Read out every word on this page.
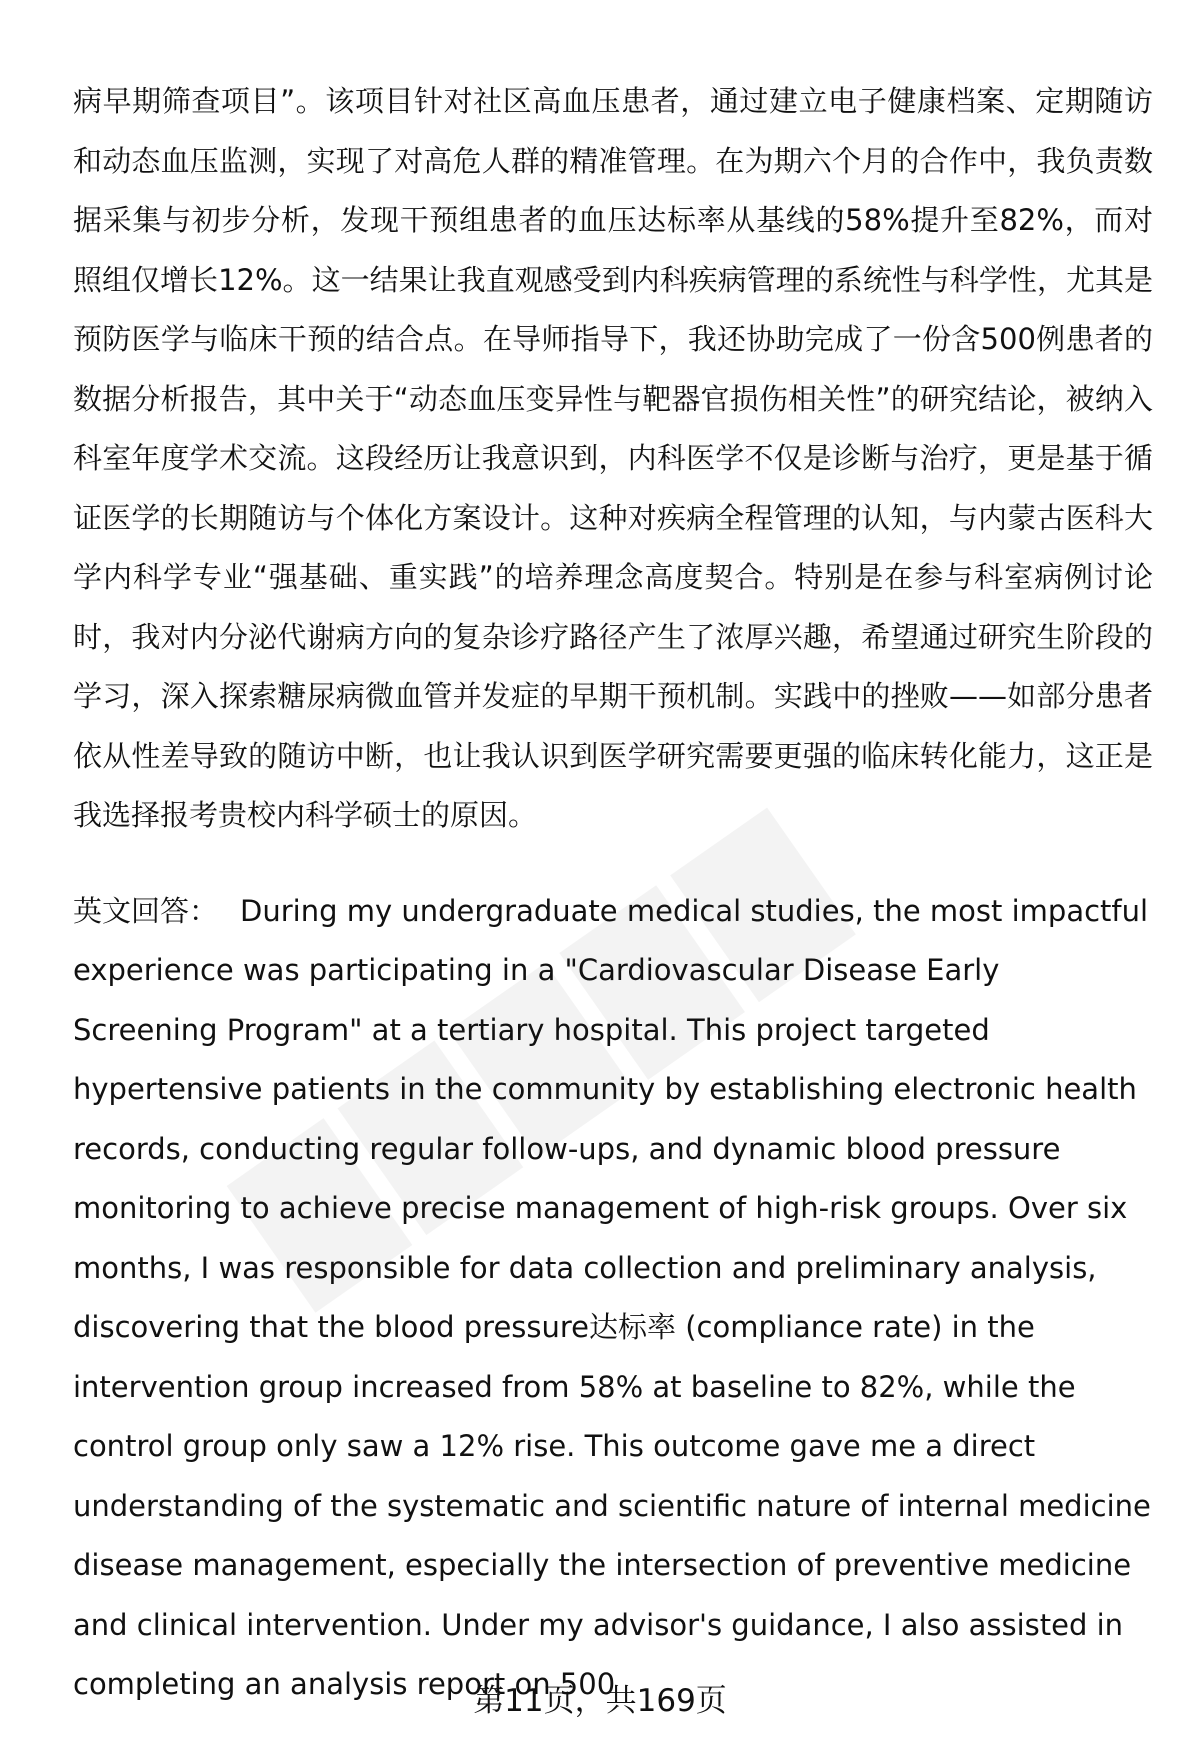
病早期筛查项目”。该项目针对社区高血压患者，通过建立电子健康档案、定期随访和动态血压监测，实现了对高危人群的精准管理。在为期六个月的合作中，我负责数据采集与初步分析，发现干预组患者的血压达标率从基线的58%提升至82%，而对照组仅增长12%。这一结果让我直观感受到内科疾病管理的系统性与科学性，尤其是预防医学与临床干预的结合点。在导师指导下，我还协助完成了一份含500例患者的数据分析报告，其中关于“动态血压变异性与靶器官损伤相关性”的研究结论，被纳入科室年度学术交流。这段经历让我意识到，内科医学不仅是诊断与治疗，更是基于循证医学的长期随访与个体化方案设计。这种对疾病全程管理的认知，与内蒙古医科大学内科学专业“强基础、重实践”的培养理念高度契合。特别是在参与科室病例讨论时，我对内分泌代谢病方向的复杂诊疗路径产生了浓厚兴趣，希望通过研究生阶段的学习，深入探索糖尿病微血管并发症的早期干预机制。实践中的挫败——如部分患者依从性差导致的随访中断，也让我认识到医学研究需要更强的临床转化能力，这正是我选择报考贵校内科学硕士的原因。

英文回答： During my undergraduate medical studies, the most impactful experience was participating in a "Cardiovascular Disease Early Screening Program" at a tertiary hospital. This project targeted hypertensive patients in the community by establishing electronic health records, conducting regular follow-ups, and dynamic blood pressure monitoring to achieve precise management of high-risk groups. Over six months, I was responsible for data collection and preliminary analysis, discovering that the blood pressure达标率 (compliance rate) in the intervention group increased from 58% at baseline to 82%, while the control group only saw a 12% rise. This outcome gave me a direct understanding of the systematic and scientific nature of internal medicine disease management, especially the intersection of preventive medicine and clinical intervention. Under my advisor's guidance, I also assisted in completing an analysis report on 500

第11页，共169页
